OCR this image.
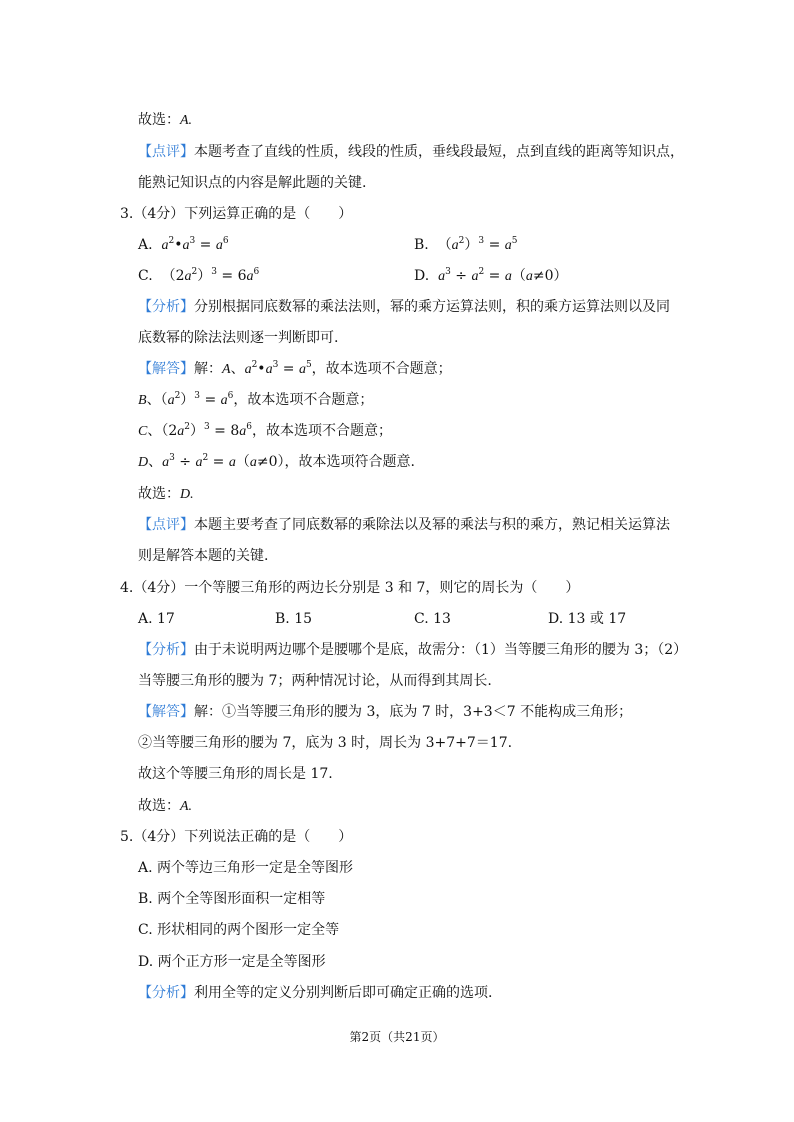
故选：A.
【点评】本题考查了直线的性质，线段的性质，垂线段最短，点到直线的距离等知识点，
能熟记知识点的内容是解此题的关键.
3.（4分）下列运算正确的是（　　）
A. $a^2•a^3 = a^6$	B.  $(a^2)^3 = a^5$
C.  $(2a^2)^3 = 6a^6$	D. $a^3 \div a^2 = a(a\ne 0)$
【分析】分别根据同底数幂的乘法法则，幂的乘方运算法则，积的乘方运算法则以及同
底数幂的除法法则逐一判断即可.
【解答】解：A、$a^2•a^3 = a^5$，故本选项不合题意；
B、$(a^2)^3 = a^6$，故本选项不合题意；
C、$(2a^2)^3 = 8a^6$，故本选项不合题意；
D、$a^3 \div a^2 = a(a\ne 0)$，故本选项符合题意.
故选：D.
【点评】本题主要考查了同底数幂的乘除法以及幂的乘法与积的乘方，熟记相关运算法
则是解答本题的关键.
4.（4分）一个等腰三角形的两边长分别是 3 和 7，则它的周长为（　　）
A. 17	B. 15	C. 13	D. 13 或 17
【分析】由于未说明两边哪个是腰哪个是底，故需分：（1）当等腰三角形的腰为 3；（2）
当等腰三角形的腰为 7；两种情况讨论，从而得到其周长.
【解答】解：①当等腰三角形的腰为 3，底为 7 时，3+3＜7 不能构成三角形；
②当等腰三角形的腰为 7，底为 3 时，周长为 3+7+7＝17.
故这个等腰三角形的周长是 17.
故选：A.
5.（4分）下列说法正确的是（　　）
A. 两个等边三角形一定是全等图形
B. 两个全等图形面积一定相等
C. 形状相同的两个图形一定全等
D. 两个正方形一定是全等图形
【分析】利用全等的定义分别判断后即可确定正确的选项.
第2页（共21页）
